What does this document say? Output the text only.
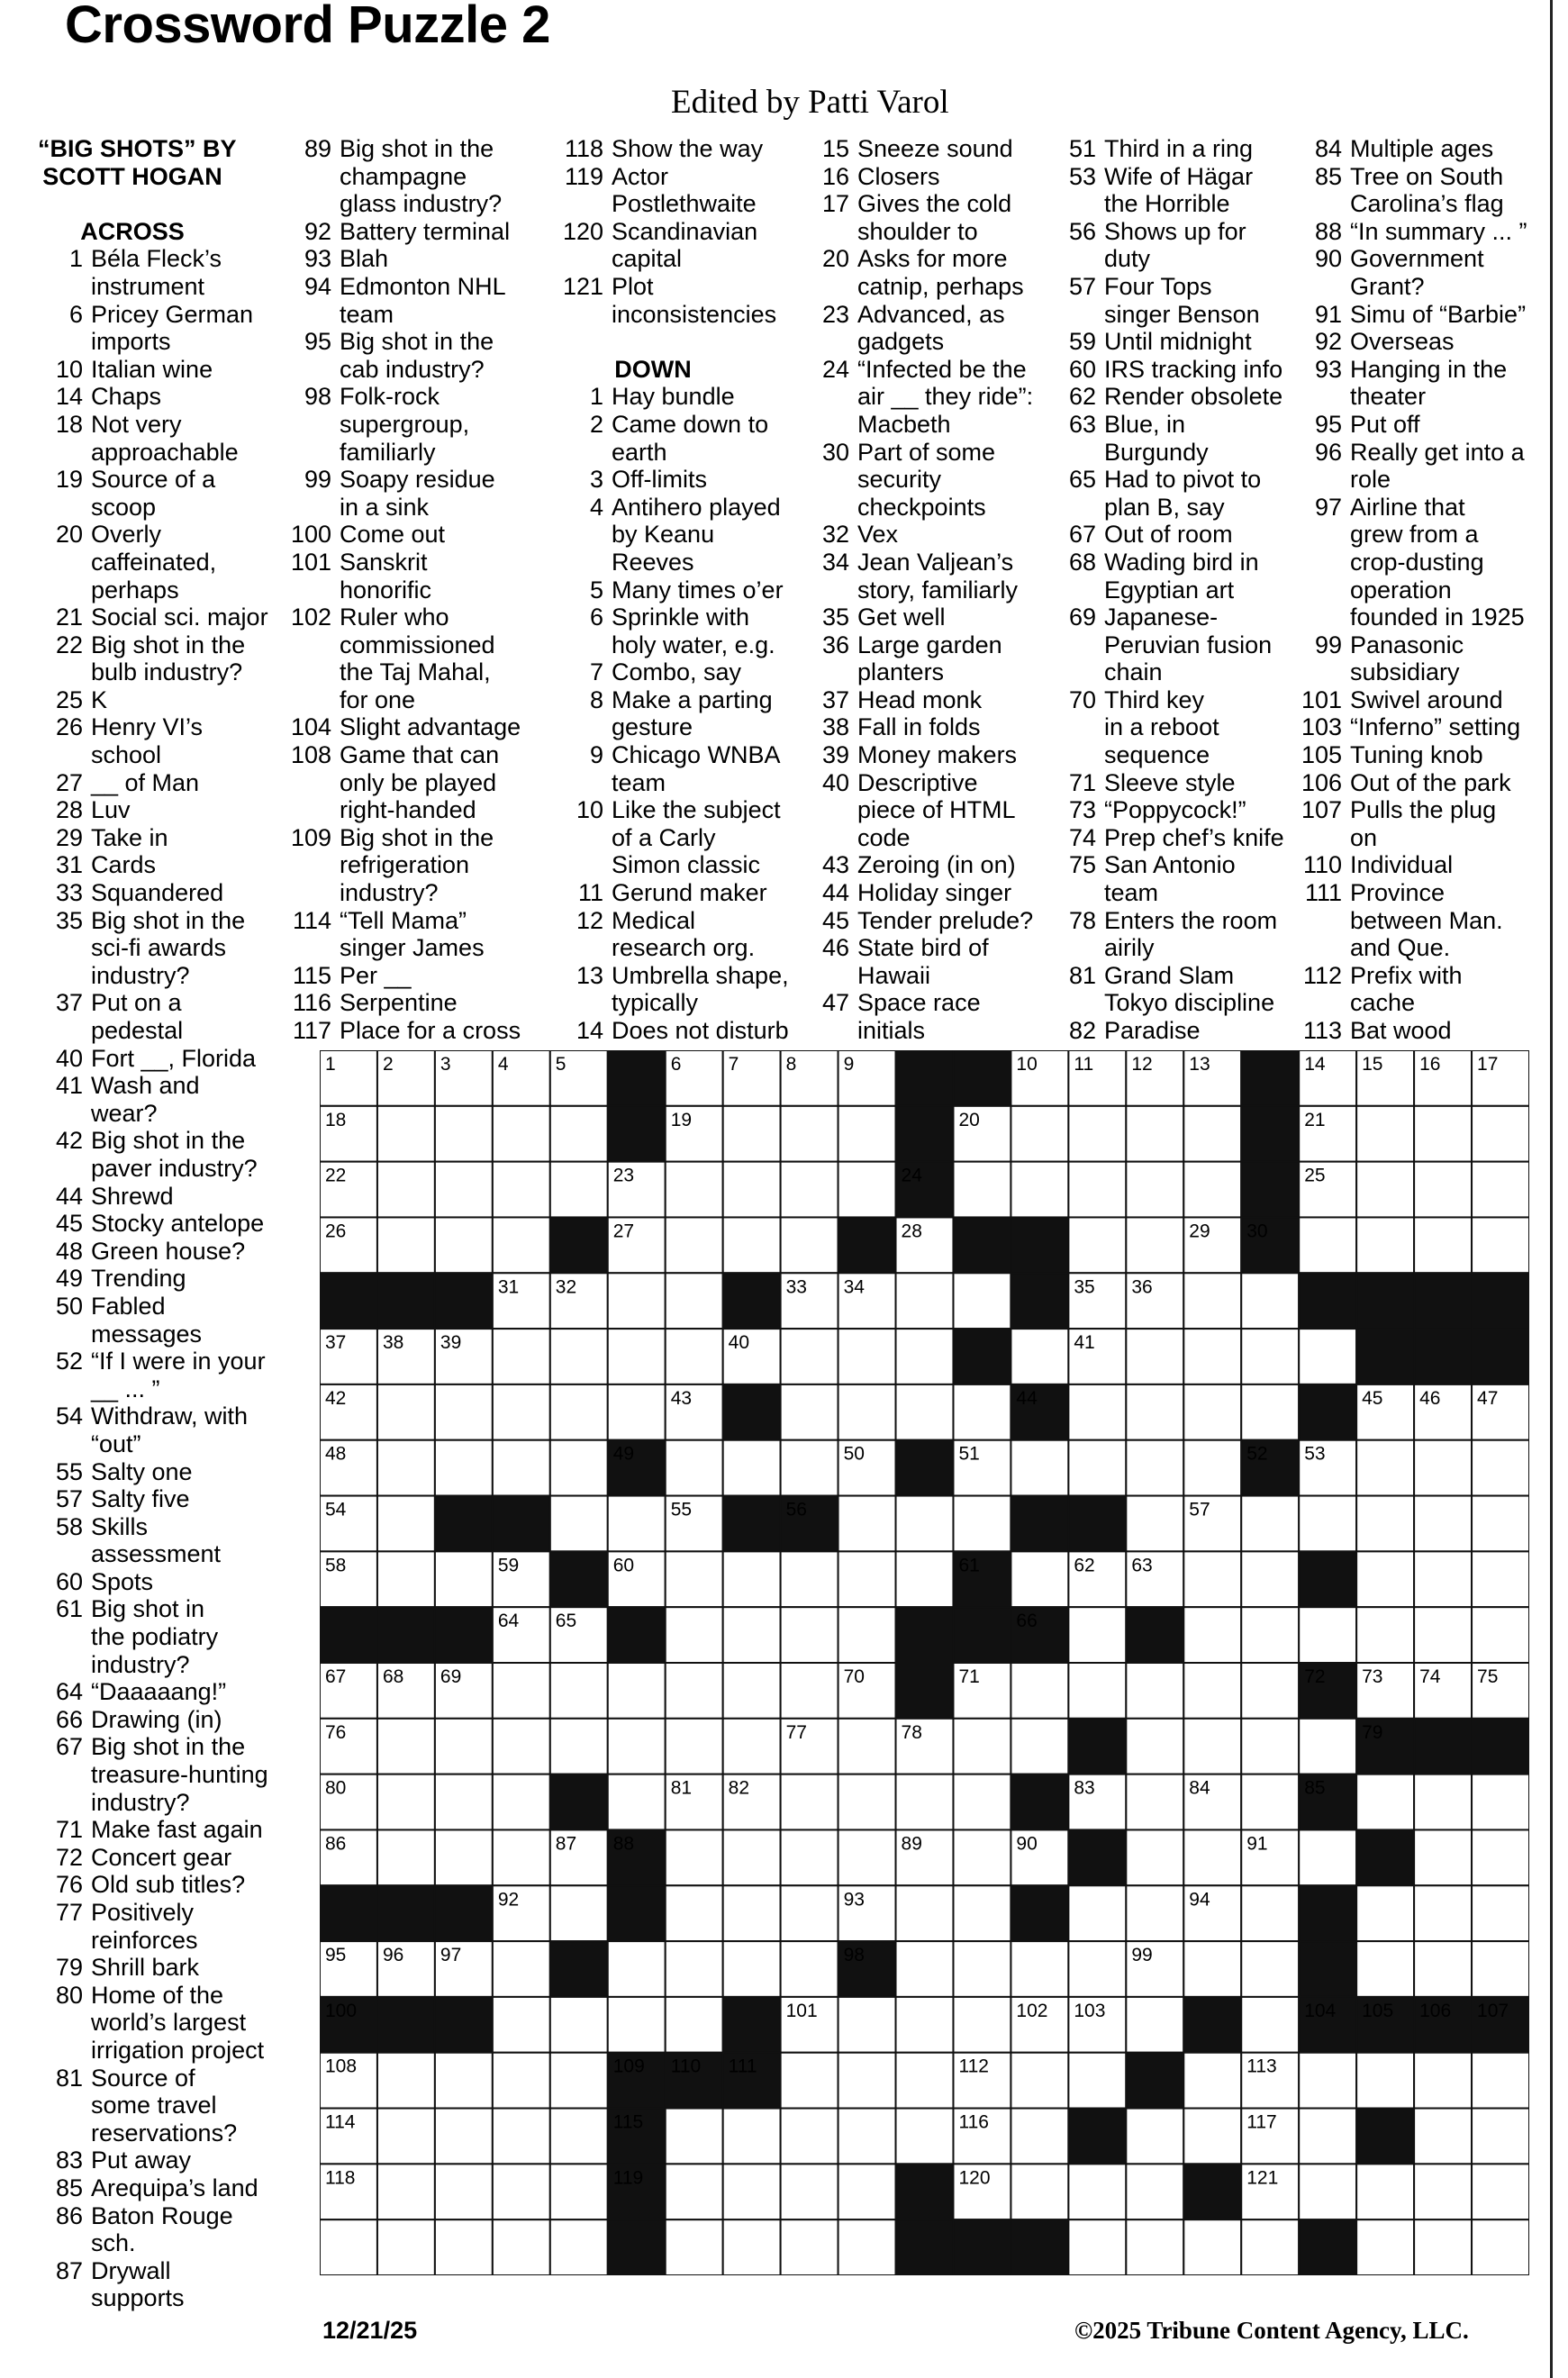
Crossword Puzzle 2
Edited by Patti Varol
“BIG SHOTS” BY
SCOTT HOGAN
ACROSS
1 Béla Fleck’s
instrument
6 Pricey German
imports
10 Italian wine
14 Chaps
18 Not very
approachable
19 Source of a
scoop
20 Overly
caffeinated,
perhaps
21 Social sci. major
22 Big shot in the
bulb industry?
25 K
26 Henry VI’s
school
27 __ of Man
28 Luv
29 Take in
31 Cards
33 Squandered
35 Big shot in the
sci-fi awards
industry?
37 Put on a
pedestal
40 Fort __, Florida
41 Wash and
wear?
42 Big shot in the
paver industry?
44 Shrewd
45 Stocky antelope
48 Green house?
49 Trending
50 Fabled
messages
52 “If I were in your
__ ... ”
54 Withdraw, with
“out”
55 Salty one
57 Salty five
58 Skills
assessment
60 Spots
61 Big shot in
the podiatry
industry?
64 “Daaaaang!”
66 Drawing (in)
67 Big shot in the
treasure-hunting
industry?
71 Make fast again
72 Concert gear
76 Old sub titles?
77 Positively
reinforces
79 Shrill bark
80 Home of the
world’s largest
irrigation project
81 Source of
some travel
reservations?
83 Put away
85 Arequipa’s land
86 Baton Rouge
sch.
87 Drywall
supports
89 Big shot in the
champagne
glass industry?
92 Battery terminal
93 Blah
94 Edmonton NHL
team
95 Big shot in the
cab industry?
98 Folk-rock
supergroup,
familiarly
99 Soapy residue
in a sink
100 Come out
101 Sanskrit
honorific
102 Ruler who
commissioned
the Taj Mahal,
for one
104 Slight advantage
108 Game that can
only be played
right-handed
109 Big shot in the
refrigeration
industry?
114 “Tell Mama”
singer James
115 Per __
116 Serpentine
117 Place for a cross
118 Show the way
119 Actor
Postlethwaite
120 Scandinavian
capital
121 Plot
inconsistencies
DOWN
1 Hay bundle
2 Came down to
earth
3 Off-limits
4 Antihero played
by Keanu
Reeves
5 Many times o’er
6 Sprinkle with
holy water, e.g.
7 Combo, say
8 Make a parting
gesture
9 Chicago WNBA
team
10 Like the subject
of a Carly
Simon classic
11 Gerund maker
12 Medical
research org.
13 Umbrella shape,
typically
14 Does not disturb
15 Sneeze sound
16 Closers
17 Gives the cold
shoulder to
20 Asks for more
catnip, perhaps
23 Advanced, as
gadgets
24 “Infected be the
air __ they ride”:
Macbeth
30 Part of some
security
checkpoints
32 Vex
34 Jean Valjean’s
story, familiarly
35 Get well
36 Large garden
planters
37 Head monk
38 Fall in folds
39 Money makers
40 Descriptive
piece of HTML
code
43 Zeroing (in on)
44 Holiday singer
45 Tender prelude?
46 State bird of
Hawaii
47 Space race
initials
51 Third in a ring
53 Wife of Hägar
the Horrible
56 Shows up for
duty
57 Four Tops
singer Benson
59 Until midnight
60 IRS tracking info
62 Render obsolete
63 Blue, in
Burgundy
65 Had to pivot to
plan B, say
67 Out of room
68 Wading bird in
Egyptian art
69 Japanese-
Peruvian fusion
chain
70 Third key
in a reboot
sequence
71 Sleeve style
73 “Poppycock!”
74 Prep chef’s knife
75 San Antonio
team
78 Enters the room
airily
81 Grand Slam
Tokyo discipline
82 Paradise
84 Multiple ages
85 Tree on South
Carolina’s flag
88 “In summary ... ”
90 Government
Grant?
91 Simu of “Barbie”
92 Overseas
93 Hanging in the
theater
95 Put off
96 Really get into a
role
97 Airline that
grew from a
crop-dusting
operation
founded in 1925
99 Panasonic
subsidiary
101 Swivel around
103 “Inferno” setting
105 Tuning knob
106 Out of the park
107 Pulls the plug
on
110 Individual
111 Province
between Man.
and Que.
112 Prefix with
cache
113 Bat wood
1 2 3 4 5	6 7 8 9	10 11 12 13	14 15 16 17
18	19	20	21
22	23	24	25
26	27	28	29 30
31 32	33 34	35 36
37 38 39	40	41
42	43	44	45 46 47
48	49	50	51	52 53
54	55	56	57
58	59	60	61	62 63
64 65	66
67 68 69	70	71	72 73 74 75
76	77	78	79
80	81 82	83	84	85
86	87 88	89	90	91
92	93	94
95 96 97	98	99
100	101	102 103	104 105 106 107
108	109 110 111	112	113
114	115	116	117
118	119	120	121
12/21/25	©2025 Tribune Content Agency, LLC.
